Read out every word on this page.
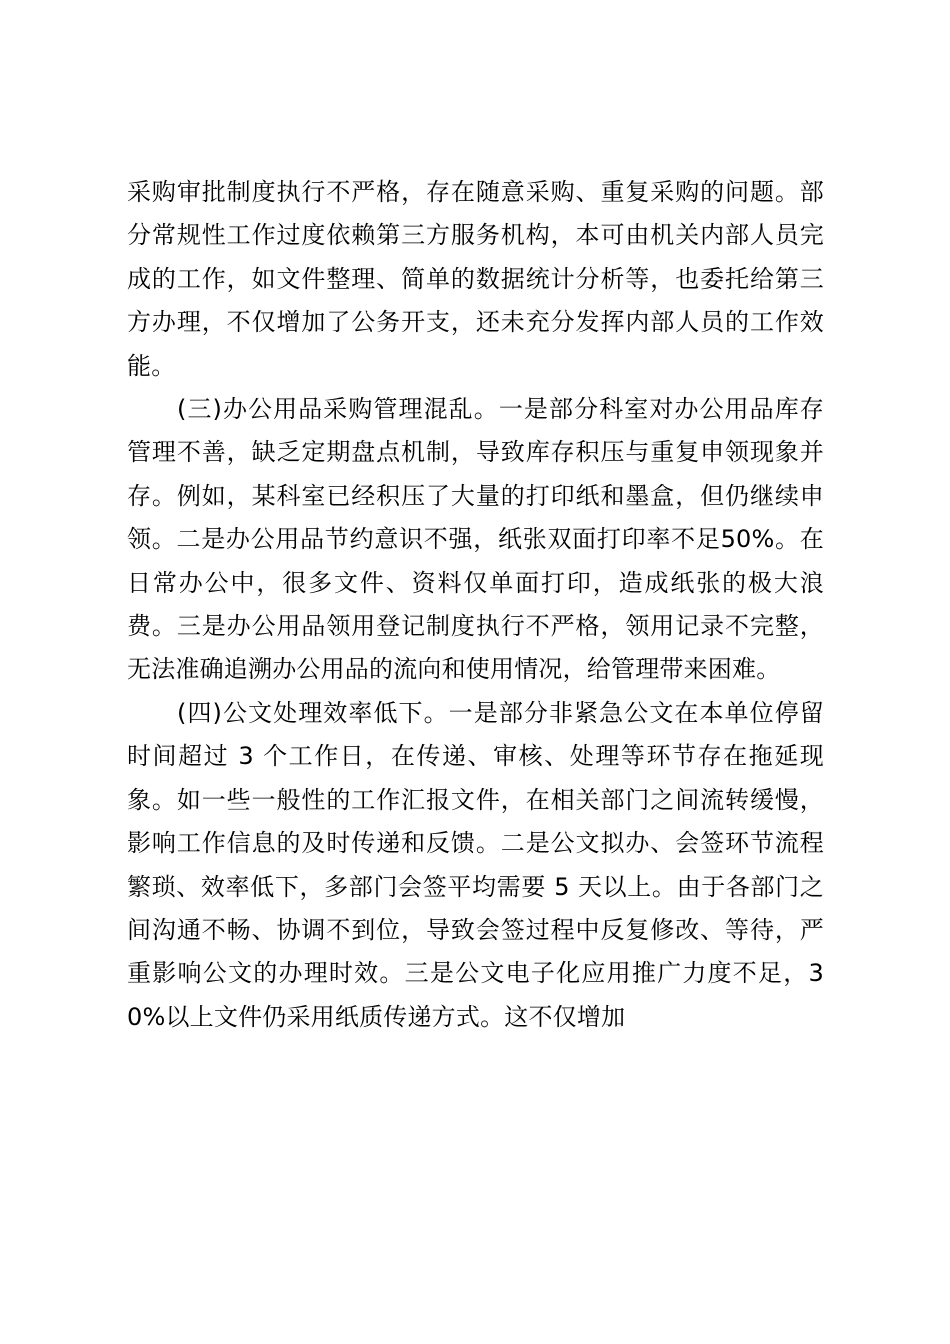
采购审批制度执行不严格，存在随意采购、重复采购的问题。部分常规性工作过度依赖第三方服务机构，本可由机关内部人员完成的工作，如文件整理、简单的数据统计分析等，也委托给第三方办理，不仅增加了公务开支，还未充分发挥内部人员的工作效能。

(三)办公用品采购管理混乱。一是部分科室对办公用品库存管理不善，缺乏定期盘点机制，导致库存积压与重复申领现象并存。例如，某科室已经积压了大量的打印纸和墨盒，但仍继续申领。二是办公用品节约意识不强，纸张双面打印率不足50%。在日常办公中，很多文件、资料仅单面打印，造成纸张的极大浪费。三是办公用品领用登记制度执行不严格，领用记录不完整，无法准确追溯办公用品的流向和使用情况，给管理带来困难。

(四)公文处理效率低下。一是部分非紧急公文在本单位停留时间超过 3 个工作日，在传递、审核、处理等环节存在拖延现象。如一些一般性的工作汇报文件，在相关部门之间流转缓慢，影响工作信息的及时传递和反馈。二是公文拟办、会签环节流程繁琐、效率低下，多部门会签平均需要 5 天以上。由于各部门之间沟通不畅、协调不到位，导致会签过程中反复修改、等待，严重影响公文的办理时效。三是公文电子化应用推广力度不足，30%以上文件仍采用纸质传递方式。这不仅增加
